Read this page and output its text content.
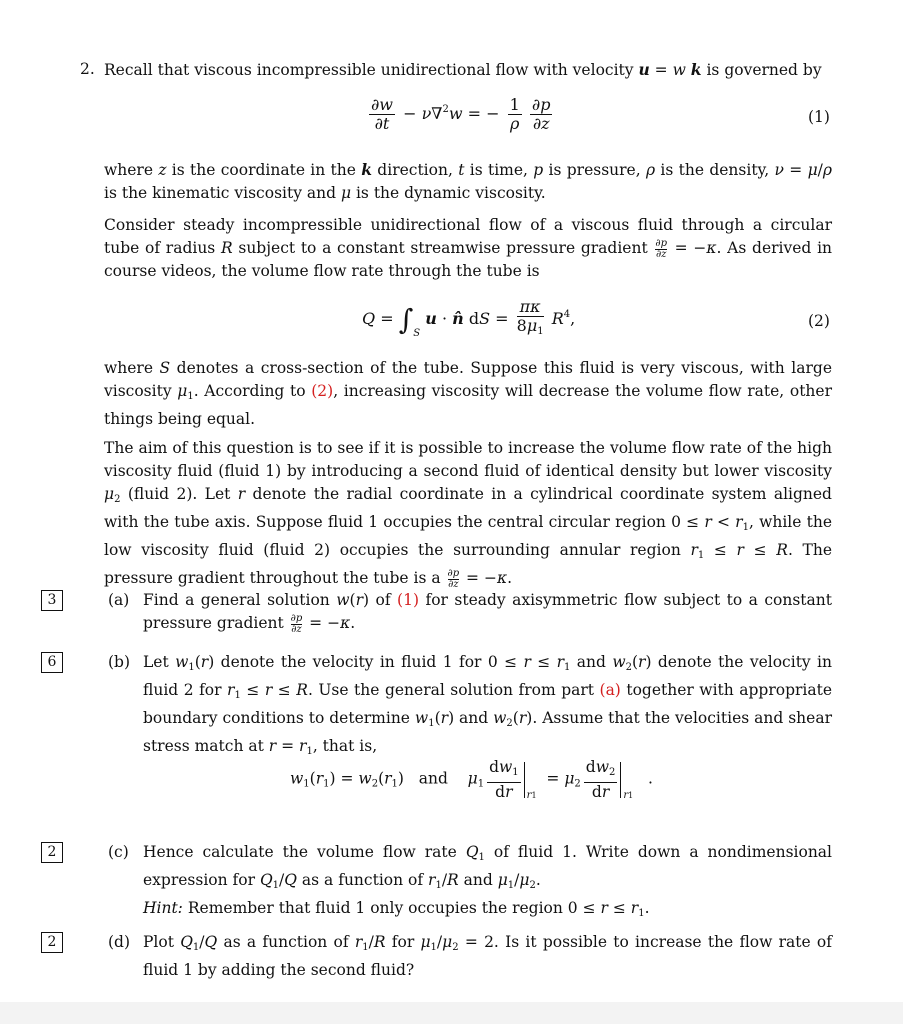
2. Recall that viscous incompressible unidirectional flow with velocity u = w k is governed by
$\frac{\partial w}{\partial t} - \nu\nabla^2w$ = − $\frac{1}{\rho}$
$\frac{\partial p}{\partial z}$	(1)
where z is the coordinate in the k direction, t is time, p is pressure, ρ is the density, ν = μ/ρ is the kinematic viscosity and μ is the dynamic viscosity.
Consider steady incompressible unidirectional flow of a viscous fluid through a circular tube of radius R subject to a constant streamwise pressure gradient $\frac{\partial p}{\partial z} = -\kappa$. As derived in course videos, the volume flow rate through the tube is
$Q = \int_S$ u · n̂ dS = $\frac{\pi\kappa}{8\mu_1} R^4$,	(2)
where S denotes a cross-section of the tube. Suppose this fluid is very viscous, with large viscosity $\mu_1$. According to (2), increasing viscosity will decrease the volume flow rate, other things being equal.
The aim of this question is to see if it is possible to increase the volume flow rate of the high viscosity fluid (fluid 1) by introducing a second fluid of identical density but lower viscosity $\mu_2$ (fluid 2). Let r denote the radial coordinate in a cylindrical coordinate system aligned with the tube axis. Suppose fluid 1 occupies the central circular region $0 \le r < r_1$, while the low viscosity fluid (fluid 2) occupies the surrounding annular region $r_1 \le r \le R$. The pressure gradient throughout the tube is a $\frac{\partial p}{\partial z} = -\kappa$.
3	(a) Find a general solution w(r) of (1) for steady axisymmetric flow subject to a constant pressure gradient $\frac{\partial p}{\partial z} = -\kappa$.
6	(b) Let $w_1(r)$ denote the velocity in fluid 1 for $0 \le r \le r_1$ and $w_2(r)$ denote the velocity in fluid 2 for $r_1 \le r \le R$. Use the general solution from part (a) together with appropriate boundary conditions to determine $w_1(r)$ and $w_2(r)$. Assume that the velocities and shear stress match at $r = r_1$, that is,
$w_1(r_1) = w_2(r_1)$   and    $\mu_1 \frac{dw_1}{dr} _{r1} = \mu_2 \frac{dw_2}{dr} _{r1}$   .
2	(c) Hence calculate the volume flow rate $Q_1$ of fluid 1. Write down a nondimensional expression for $Q_1/Q$ as a function of $r_1/R$ and $\mu_1/\mu_2$.
Hint: Remember that fluid 1 only occupies the region $0 \le r \le r_1$.
2	(d) Plot $Q_1/Q$ as a function of $r_1/R$ for $\mu_1/\mu_2 = 2$. Is it possible to increase the flow rate of fluid 1 by adding the second fluid?
